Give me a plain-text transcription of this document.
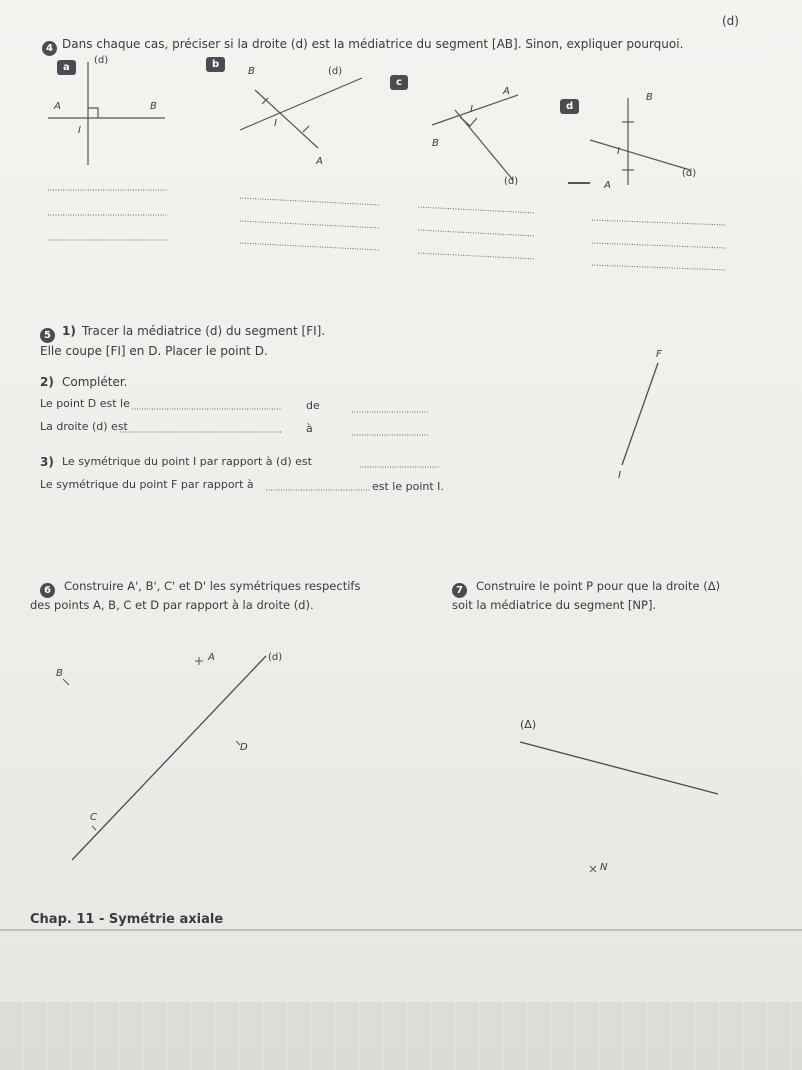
(d)
4 Dans chaque cas, préciser si la droite (d) est la médiatrice du segment [AB]. Sinon, expliquer pourquoi.
a	b
c
d
(d)
A	B
I
B	(d)
I
A
A
I
B
(d)
B
I
(d)
A
5 1) Tracer la médiatrice (d) du segment [FI].
Elle coupe [FI] en D. Placer le point D.
2) Compléter.
Le point D est le	de
La droite (d) est	à
3) Le symétrique du point I par rapport à (d) est
Le symétrique du point F par rapport à	est le point I.
F
I
6	Construire A', B', C' et D' les symétriques respectifs
des points A, B, C et D par rapport à la droite (d).
A	(d)
B
D
C
7	Construire le point P pour que la droite (Δ)
soit la médiatrice du segment [NP].
(Δ)
N
Chap. 11 - Symétrie axiale
